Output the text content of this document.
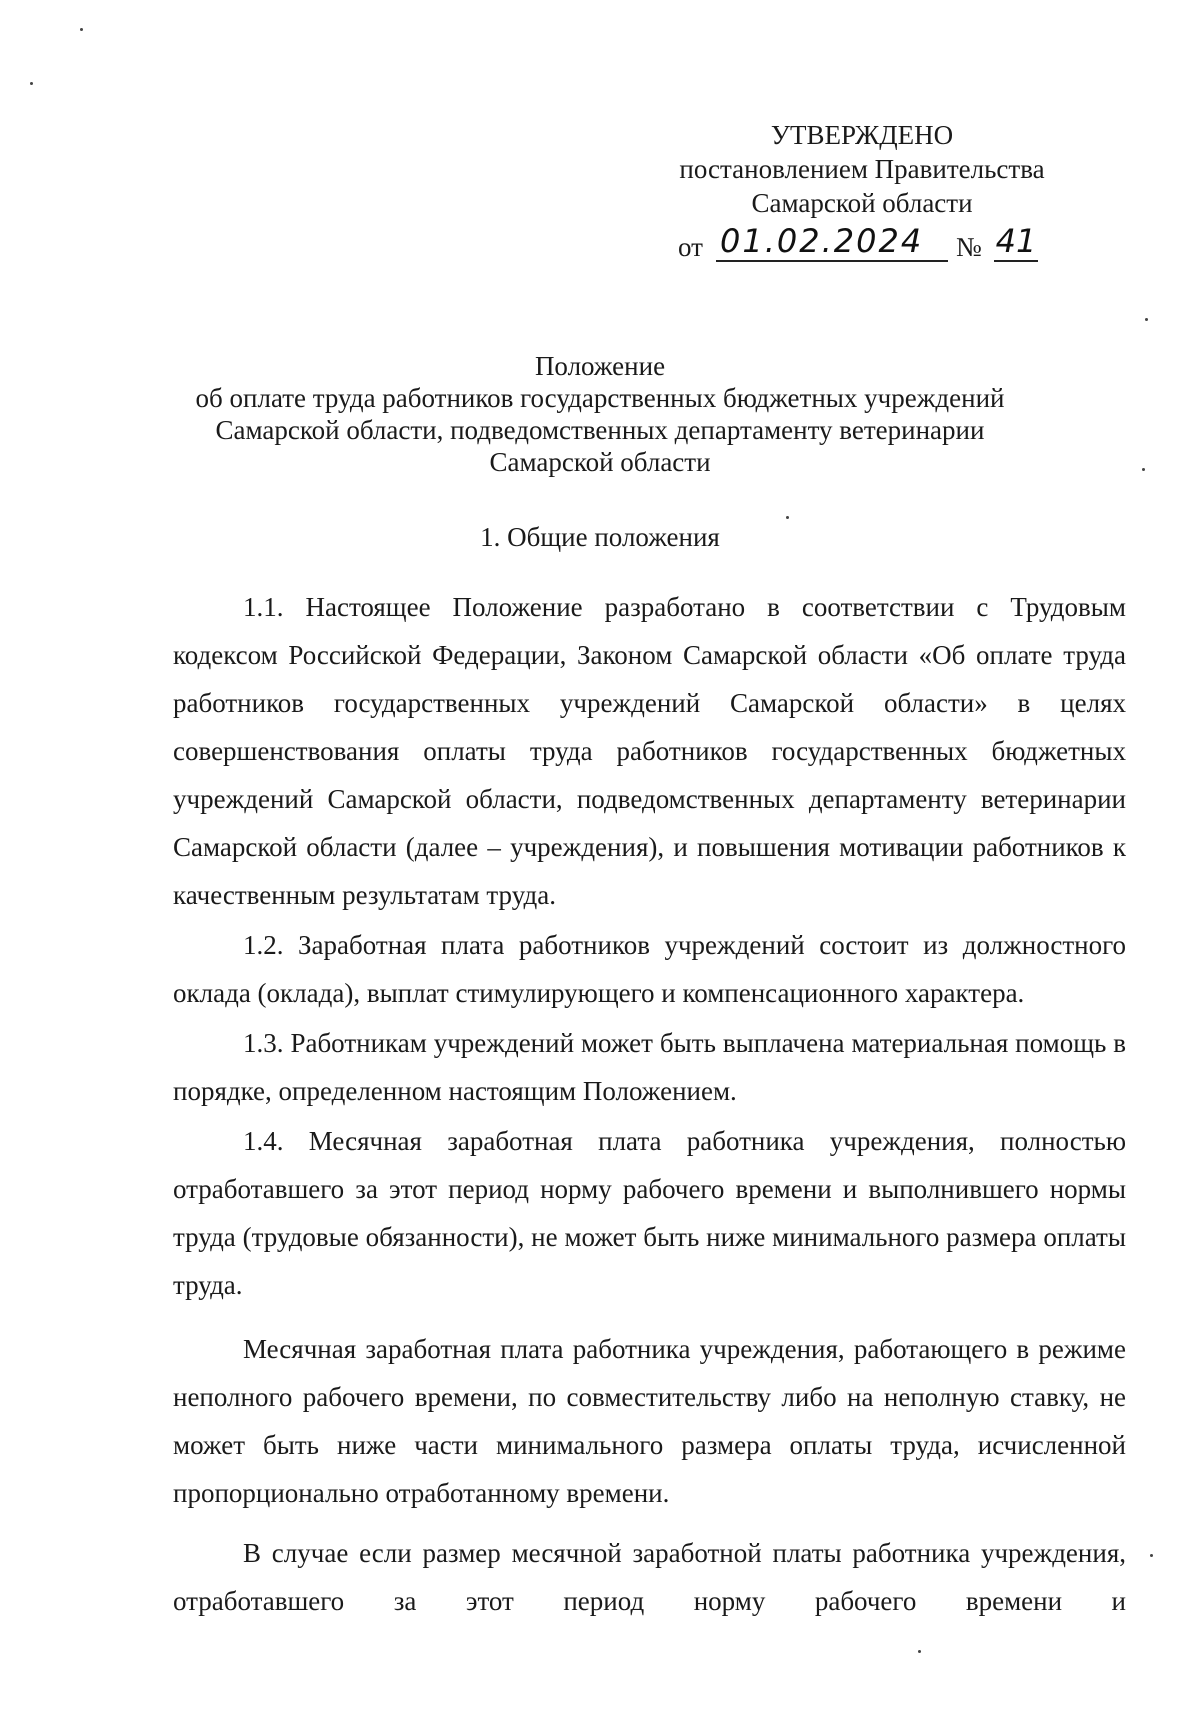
УТВЕРЖДЕНО
постановлением Правительства
Самарской области
от 01.02.2024	№ 41
Положение
об оплате труда работников государственных бюджетных учреждений
Самарской области, подведомственных департаменту ветеринарии
Самарской области
1. Общие положения

1.1. Настоящее Положение разработано в соответствии с Трудовым кодексом Российской Федерации, Законом Самарской области «Об оплате труда работников государственных учреждений Самарской области» в целях совершенствования оплаты труда работников государственных бюджетных учреждений Самарской области, подведомственных департаменту ветеринарии Самарской области (далее – учреждения), и повышения мотивации работников к качественным результатам труда.

1.2. Заработная плата работников учреждений состоит из должностного оклада (оклада), выплат стимулирующего и компенсационного характера.

1.3. Работникам учреждений может быть выплачена материальная помощь в порядке, определенном настоящим Положением.

1.4. Месячная заработная плата работника учреждения, полностью отработавшего за этот период норму рабочего времени и выполнившего нормы труда (трудовые обязанности), не может быть ниже минимального размера оплаты труда.

Месячная заработная плата работника учреждения, работающего в режиме неполного рабочего времени, по совместительству либо на неполную ставку, не может быть ниже части минимального размера оплаты труда, исчисленной пропорционально отработанному времени.

В случае если размер месячной заработной платы работника учреждения, отработавшего за этот период норму рабочего времени и
